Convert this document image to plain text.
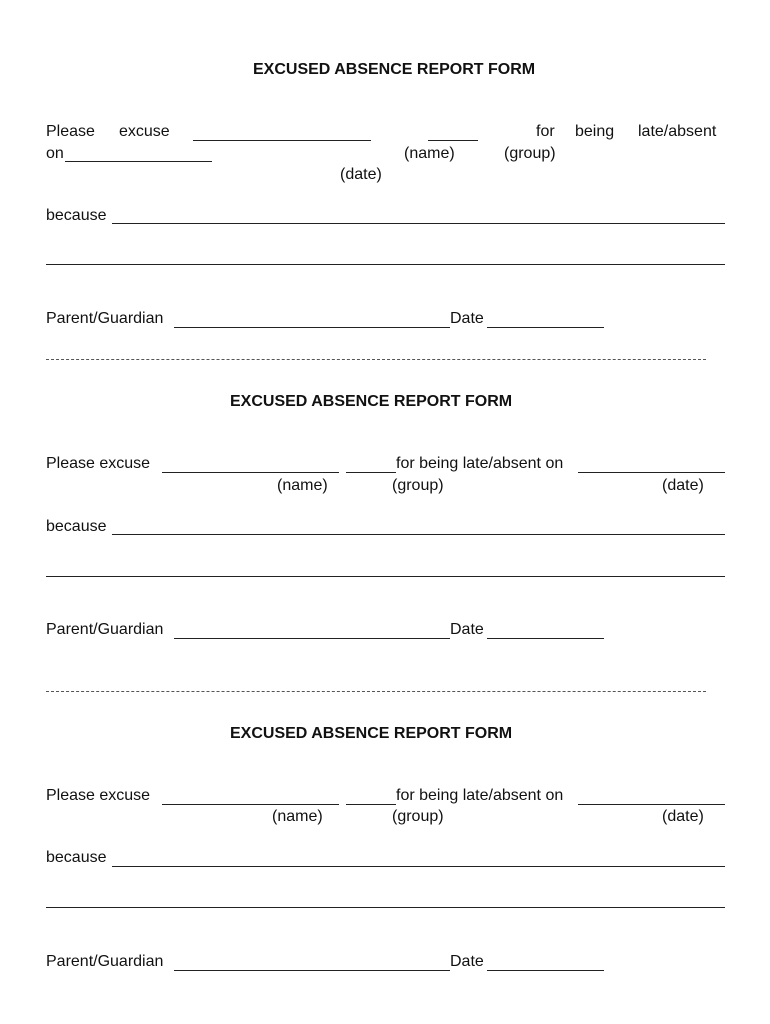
EXCUSED ABSENCE REPORT FORM
Please excuse	for being late/absent
on	(name)	(group)
(date)
because
Parent/Guardian	Date
EXCUSED ABSENCE REPORT FORM
Please excuse	for being late/absent on
(name)	(group)	(date)
because
Parent/Guardian	Date
EXCUSED ABSENCE REPORT FORM
Please excuse	for being late/absent on
(name)	(group)	(date)
because
Parent/Guardian	Date
